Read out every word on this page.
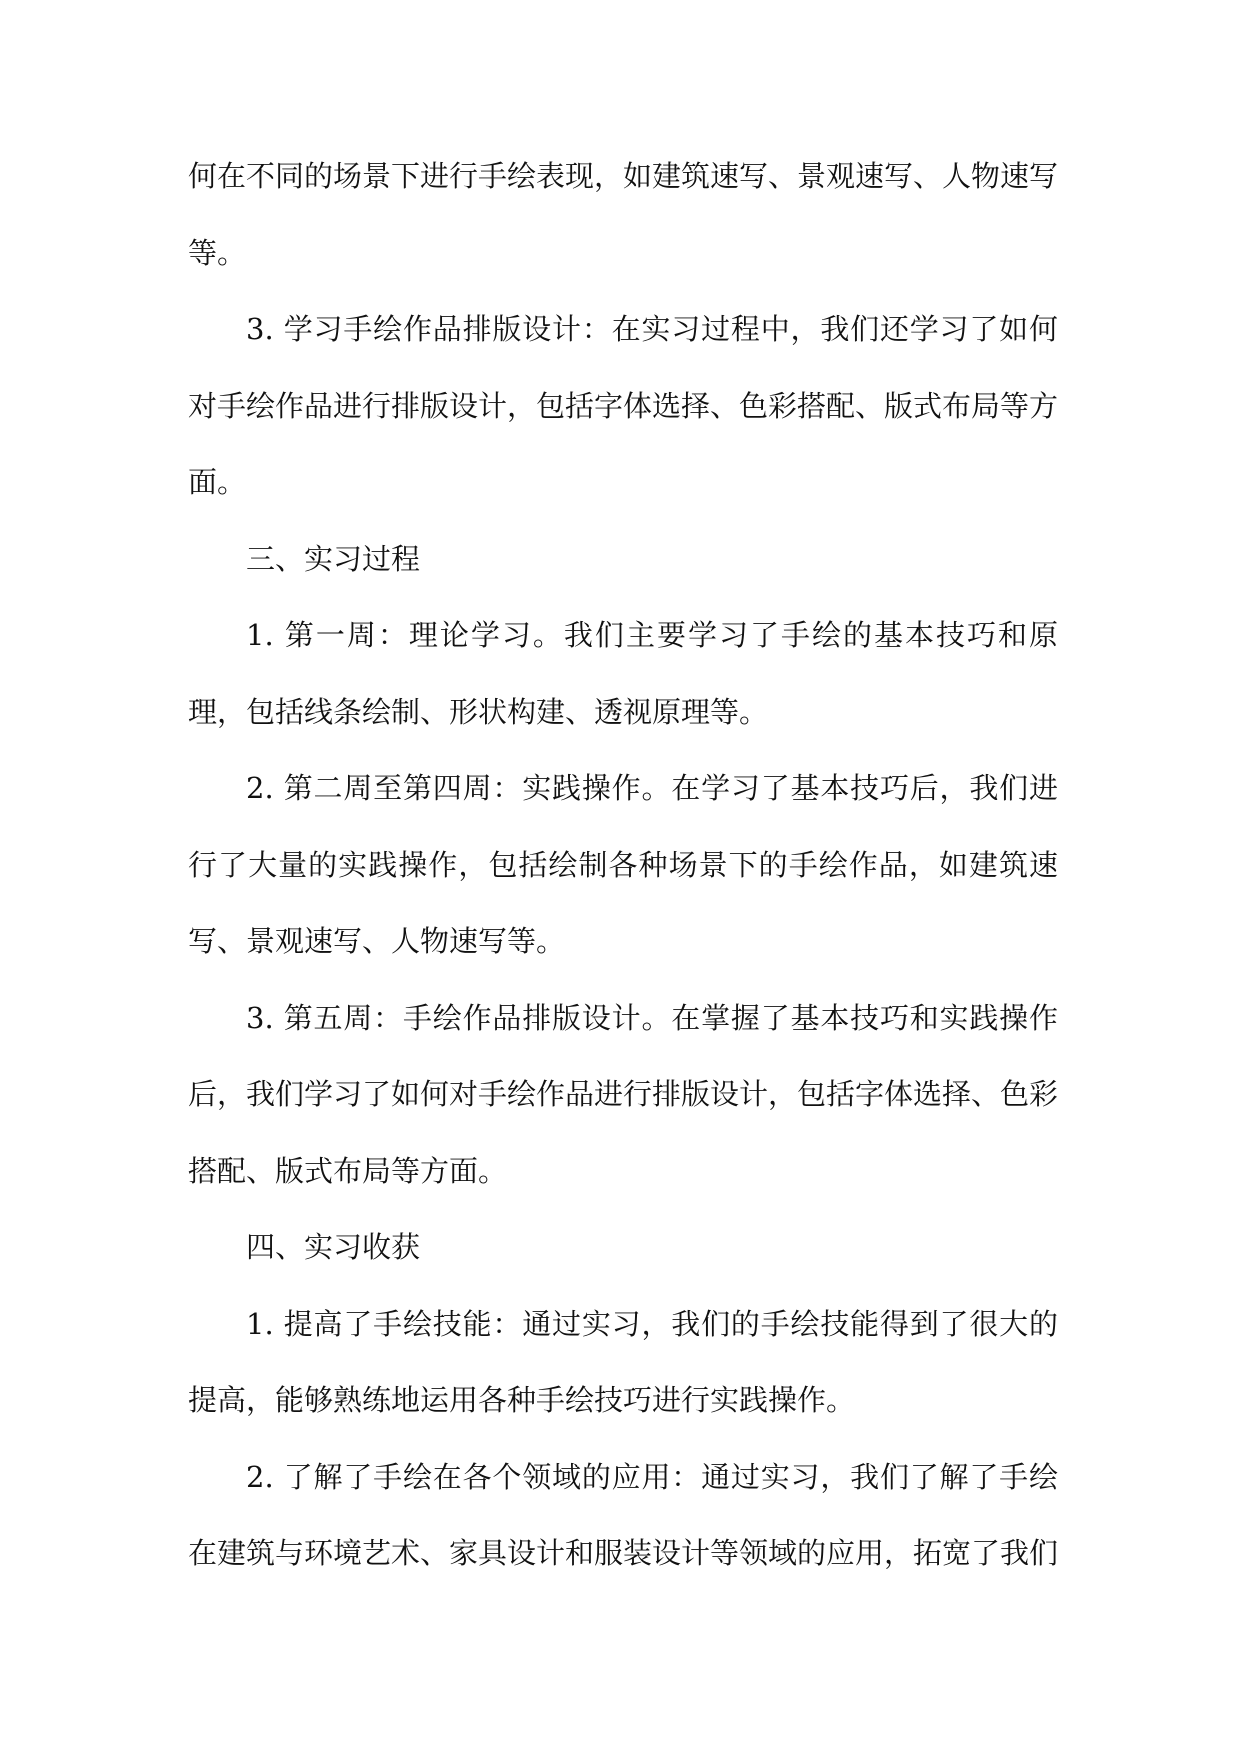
何在不同的场景下进行手绘表现，如建筑速写、景观速写、人物速写等。

3. 学习手绘作品排版设计：在实习过程中，我们还学习了如何对手绘作品进行排版设计，包括字体选择、色彩搭配、版式布局等方面。

三、实习过程

1. 第一周：理论学习。我们主要学习了手绘的基本技巧和原理，包括线条绘制、形状构建、透视原理等。

2. 第二周至第四周：实践操作。在学习了基本技巧后，我们进行了大量的实践操作，包括绘制各种场景下的手绘作品，如建筑速写、景观速写、人物速写等。

3. 第五周：手绘作品排版设计。在掌握了基本技巧和实践操作后，我们学习了如何对手绘作品进行排版设计，包括字体选择、色彩搭配、版式布局等方面。

四、实习收获

1. 提高了手绘技能：通过实习，我们的手绘技能得到了很大的提高，能够熟练地运用各种手绘技巧进行实践操作。

2. 了解了手绘在各个领域的应用：通过实习，我们了解了手绘在建筑与环境艺术、家具设计和服装设计等领域的应用，拓宽了我们
